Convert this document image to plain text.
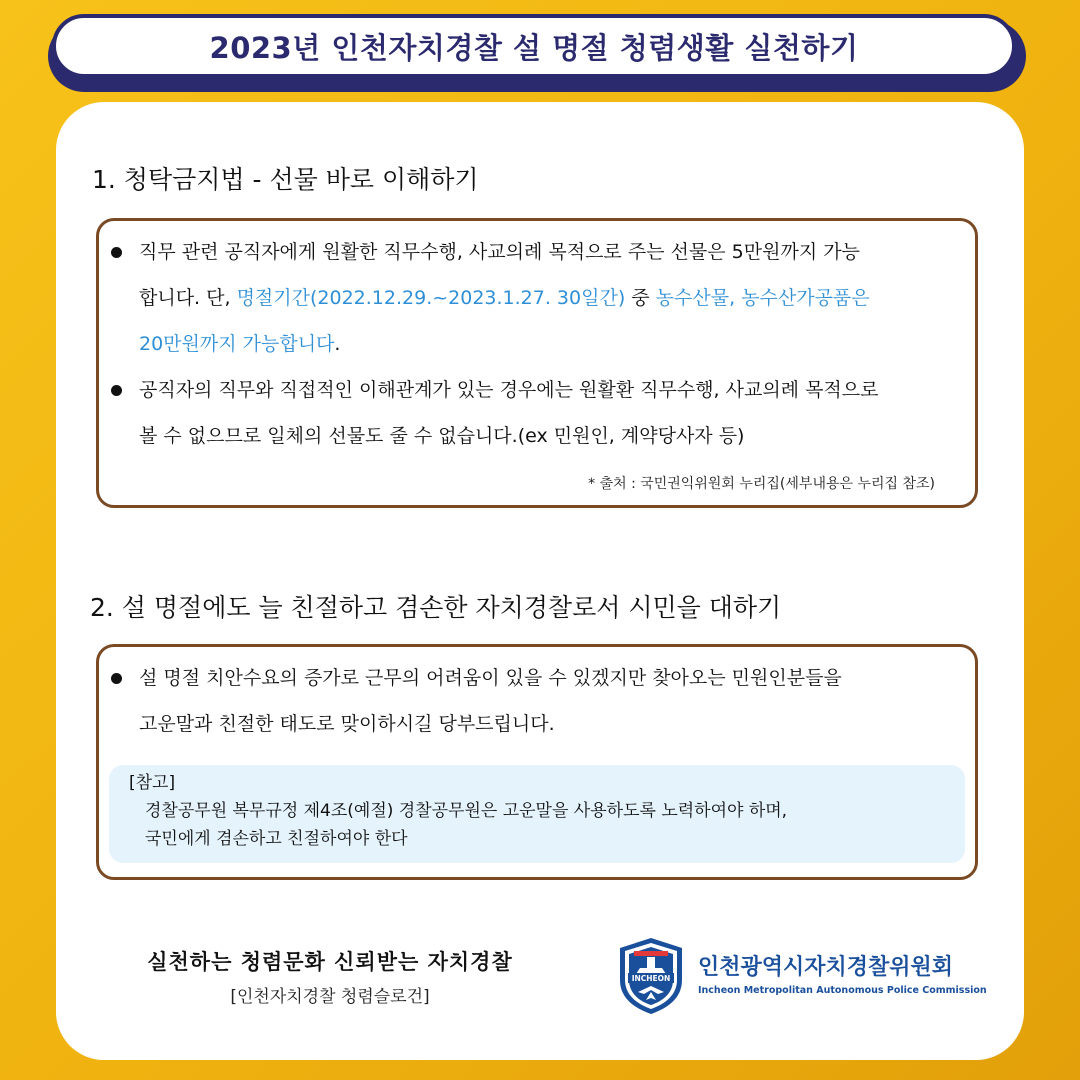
2023년 인천자치경찰 설 명절 청렴생활 실천하기
1. 청탁금지법 - 선물 바로 이해하기
직무 관련 공직자에게 원활한 직무수행, 사교의례 목적으로 주는 선물은 5만원까지 가능
합니다. 단, 명절기간(2022.12.29.~2023.1.27. 30일간) 중 농수산물, 농수산가공품은
20만원까지 가능합니다.
공직자의 직무와 직접적인 이해관계가 있는 경우에는 원활환 직무수행, 사교의례 목적으로
볼 수 없으므로 일체의 선물도 줄 수 없습니다.(ex 민원인, 계약당사자 등)
* 출처 : 국민권익위원회 누리집(세부내용은 누리집 참조)
2. 설 명절에도 늘 친절하고 겸손한 자치경찰로서 시민을 대하기
설 명절 치안수요의 증가로 근무의 어려움이 있을 수 있겠지만 찾아오는 민원인분들을
고운말과 친절한 태도로 맞이하시길 당부드립니다.
[참고]
경찰공무원 복무규정 제4조(예절) 경찰공무원은 고운말을 사용하도록 노력하여야 하며,
국민에게 겸손하고 친절하여야 한다
실천하는 청렴문화 신뢰받는 자치경찰
[인천자치경찰 청렴슬로건]
INCHEON 인천광역시자치경찰위원회
Incheon Metropolitan Autonomous Police Commission
